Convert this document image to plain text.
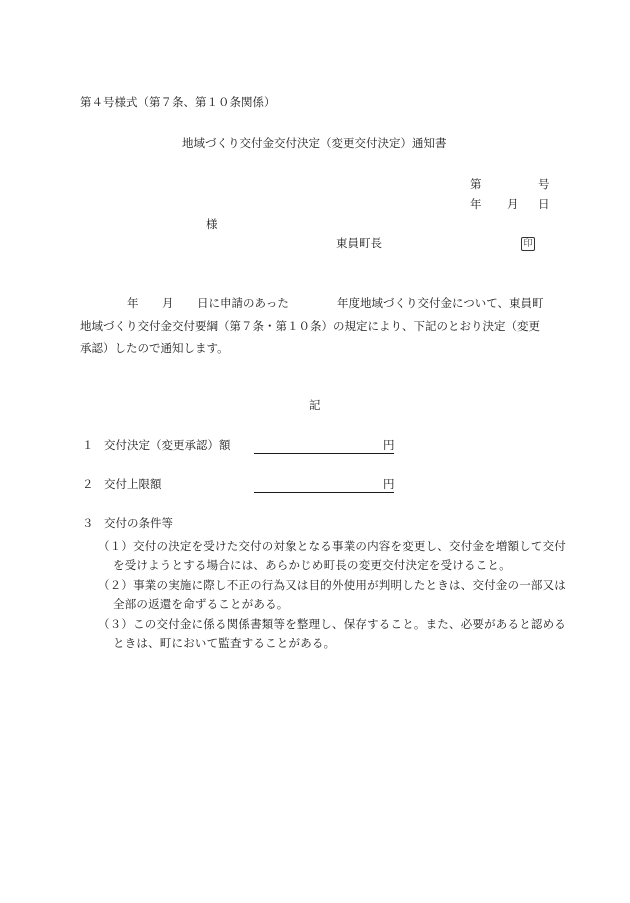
第４号様式（第７条、第１０条関係）
地域づくり交付金交付決定（変更交付決定）通知書
第	号
年 月 日
様
東員町長	印
年 月 日に申請のあった	年度地域づくり交付金について、東員町
地域づくり交付金交付要綱（第７条・第１０条）の規定により、下記のとおり決定（変更
承認）したので通知します。
記
１ 交付決定（変更承認）額	円
２ 交付上限額	円
３ 交付の条件等
（１）交付の決定を受けた交付の対象となる事業の内容を変更し、交付金を増額して交付を受けようとする場合には、あらかじめ町長の変更交付決定を受けること。
（２）事業の実施に際し不正の行為又は目的外使用が判明したときは、交付金の一部又は全部の返還を命ずることがある。
（３）この交付金に係る関係書類等を整理し、保存すること。また、必要があると認めるときは、町において監査することがある。
